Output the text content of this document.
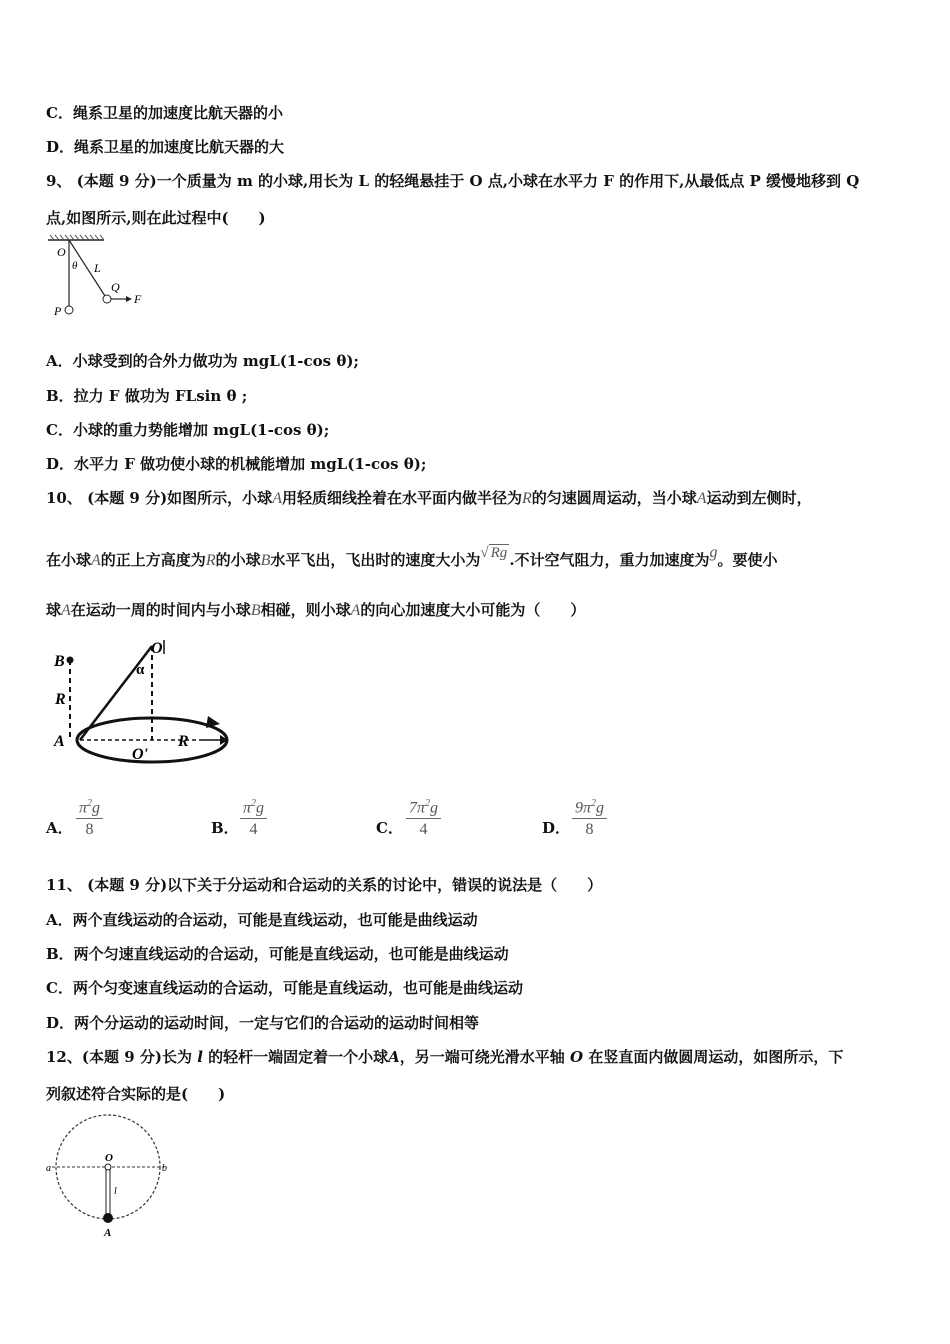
C．绳系卫星的加速度比航天器的小
D．绳系卫星的加速度比航天器的大
9、 (本题 9 分)一个质量为 m 的小球,用长为 L 的轻绳悬挂于 O 点,小球在水平力 F 的作用下,从最低点 P 缓慢地移到 Q
点,如图所示,则在此过程中(　　)
O
θ L
Q
F
P
A．小球受到的合外力做功为 mgL(1-cos θ);
B．拉力 F 做功为 FLsin θ ;
C．小球的重力势能增加 mgL(1-cos θ);
D．水平力 F 做功使小球的机械能增加 mgL(1-cos θ);
10、 (本题 9 分)如图所示，小球A用轻质细线拴着在水平面内做半径为R的匀速圆周运动，当小球A运动到左侧时，
在小球A的正上方高度为R的小球B水平飞出，飞出时的速度大小为√ Rg .不计空气阻力，重力加速度为g。要使小
球A在运动一周的时间内与小球B相碰，则小球A的向心加速度大小可能为（　　）
B
O
α
R
A
O'
R
A． $\frac{\pi^2g}{8}$	B． $\frac{\pi^2g}{4}$	C． $\frac{7\pi^2g}{4}$	D． $\frac{9\pi^2g}{8}$
11、 (本题 9 分)以下关于分运动和合运动的关系的讨论中，错误的说法是（　　）
A．两个直线运动的合运动，可能是直线运动，也可能是曲线运动
B．两个匀速直线运动的合运动，可能是直线运动，也可能是曲线运动
C．两个匀变速直线运动的合运动，可能是直线运动，也可能是曲线运动
D．两个分运动的运动时间，一定与它们的合运动的运动时间相等
12、(本题 9 分)长为 l 的轻杆一端固定着一个小球A，另一端可绕光滑水平轴 O 在竖直面内做圆周运动，如图所示，下
列叙述符合实际的是(　　)
a
O
b
l
A
